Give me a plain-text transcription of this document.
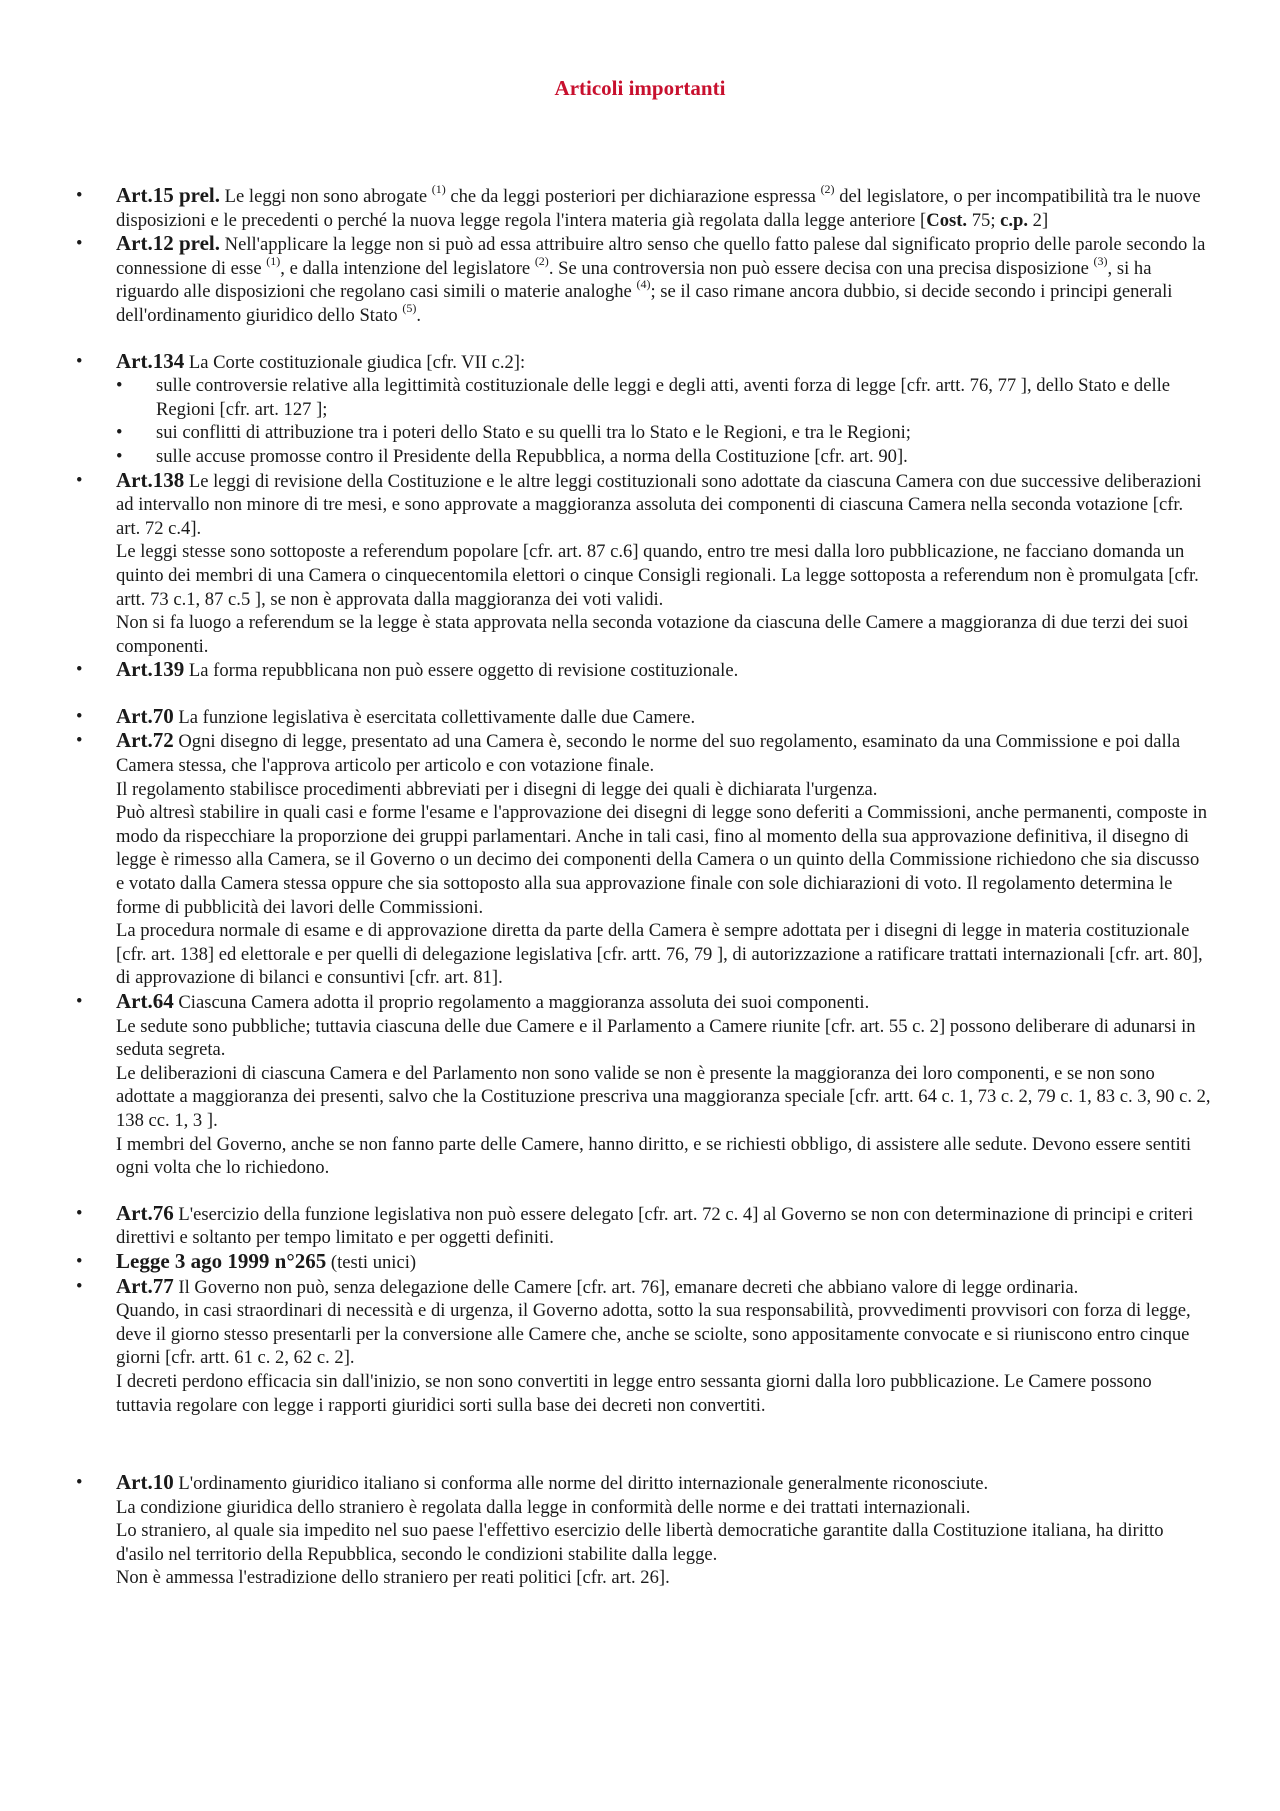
Articoli importanti
• Art.15 prel. Le leggi non sono abrogate $^{(1)}$ che da leggi posteriori per dichiarazione espressa $^{(2)}$ del legislatore, o per incompatibilità tra le nuove disposizioni e le precedenti o perché la nuova legge regola l'intera materia già regolata dalla legge anteriore [Cost. 75; c.p. 2]
• Art.12 prel. Nell'applicare la legge non si può ad essa attribuire altro senso che quello fatto palese dal significato proprio delle parole secondo la connessione di esse $^{(1)}$, e dalla intenzione del legislatore $^{(2)}$. Se una controversia non può essere decisa con una precisa disposizione $^{(3)}$, si ha riguardo alle disposizioni che regolano casi simili o materie analoghe $^{(4)}$; se il caso rimane ancora dubbio, si decide secondo i principi generali dell'ordinamento giuridico dello Stato $^{(5)}$.
• Art.134 La Corte costituzionale giudica [cfr. VII c.2]:
• sulle controversie relative alla legittimità costituzionale delle leggi e degli atti, aventi forza di legge [cfr. artt. 76, 77 ], dello Stato e delle Regioni [cfr. art. 127 ];
• sui conflitti di attribuzione tra i poteri dello Stato e su quelli tra lo Stato e le Regioni, e tra le Regioni;
• sulle accuse promosse contro il Presidente della Repubblica, a norma della Costituzione [cfr. art. 90].
• Art.138 Le leggi di revisione della Costituzione e le altre leggi costituzionali sono adottate da ciascuna Camera con due successive deliberazioni ad intervallo non minore di tre mesi, e sono approvate a maggioranza assoluta dei componenti di ciascuna Camera nella seconda votazione [cfr. art. 72 c.4].
Le leggi stesse sono sottoposte a referendum popolare [cfr. art. 87 c.6] quando, entro tre mesi dalla loro pubblicazione, ne facciano domanda un quinto dei membri di una Camera o cinquecentomila elettori o cinque Consigli regionali. La legge sottoposta a referendum non è promulgata [cfr. artt. 73 c.1, 87 c.5 ], se non è approvata dalla maggioranza dei voti validi.
Non si fa luogo a referendum se la legge è stata approvata nella seconda votazione da ciascuna delle Camere a maggioranza di due terzi dei suoi componenti.
• Art.139 La forma repubblicana non può essere oggetto di revisione costituzionale.
• Art.70 La funzione legislativa è esercitata collettivamente dalle due Camere.
• Art.72 Ogni disegno di legge, presentato ad una Camera è, secondo le norme del suo regolamento, esaminato da una Commissione e poi dalla Camera stessa, che l'approva articolo per articolo e con votazione finale.
Il regolamento stabilisce procedimenti abbreviati per i disegni di legge dei quali è dichiarata l'urgenza.
Può altresì stabilire in quali casi e forme l'esame e l'approvazione dei disegni di legge sono deferiti a Commissioni, anche permanenti, composte in modo da rispecchiare la proporzione dei gruppi parlamentari. Anche in tali casi, fino al momento della sua approvazione definitiva, il disegno di legge è rimesso alla Camera, se il Governo o un decimo dei componenti della Camera o un quinto della Commissione richiedono che sia discusso e votato dalla Camera stessa oppure che sia sottoposto alla sua approvazione finale con sole dichiarazioni di voto. Il regolamento determina le forme di pubblicità dei lavori delle Commissioni.
La procedura normale di esame e di approvazione diretta da parte della Camera è sempre adottata per i disegni di legge in materia costituzionale [cfr. art. 138] ed elettorale e per quelli di delegazione legislativa [cfr. artt. 76, 79 ], di autorizzazione a ratificare trattati internazionali [cfr. art. 80], di approvazione di bilanci e consuntivi [cfr. art. 81].
• Art.64 Ciascuna Camera adotta il proprio regolamento a maggioranza assoluta dei suoi componenti.
Le sedute sono pubbliche; tuttavia ciascuna delle due Camere e il Parlamento a Camere riunite [cfr. art. 55 c. 2] possono deliberare di adunarsi in seduta segreta.
Le deliberazioni di ciascuna Camera e del Parlamento non sono valide se non è presente la maggioranza dei loro componenti, e se non sono adottate a maggioranza dei presenti, salvo che la Costituzione prescriva una maggioranza speciale [cfr. artt. 64 c. 1, 73 c. 2, 79 c. 1, 83 c. 3, 90 c. 2, 138 cc. 1, 3 ].
I membri del Governo, anche se non fanno parte delle Camere, hanno diritto, e se richiesti obbligo, di assistere alle sedute. Devono essere sentiti ogni volta che lo richiedono.
• Art.76 L'esercizio della funzione legislativa non può essere delegato [cfr. art. 72 c. 4] al Governo se non con determinazione di principi e criteri direttivi e soltanto per tempo limitato e per oggetti definiti.
• Legge 3 ago 1999 n°265 (testi unici)
• Art.77 Il Governo non può, senza delegazione delle Camere [cfr. art. 76], emanare decreti che abbiano valore di legge ordinaria.
Quando, in casi straordinari di necessità e di urgenza, il Governo adotta, sotto la sua responsabilità, provvedimenti provvisori con forza di legge, deve il giorno stesso presentarli per la conversione alle Camere che, anche se sciolte, sono appositamente convocate e si riuniscono entro cinque giorni [cfr. artt. 61 c. 2, 62 c. 2].
I decreti perdono efficacia sin dall'inizio, se non sono convertiti in legge entro sessanta giorni dalla loro pubblicazione. Le Camere possono tuttavia regolare con legge i rapporti giuridici sorti sulla base dei decreti non convertiti.
• Art.10 L'ordinamento giuridico italiano si conforma alle norme del diritto internazionale generalmente riconosciute.
La condizione giuridica dello straniero è regolata dalla legge in conformità delle norme e dei trattati internazionali.
Lo straniero, al quale sia impedito nel suo paese l'effettivo esercizio delle libertà democratiche garantite dalla Costituzione italiana, ha diritto d'asilo nel territorio della Repubblica, secondo le condizioni stabilite dalla legge.
Non è ammessa l'estradizione dello straniero per reati politici [cfr. art. 26].
